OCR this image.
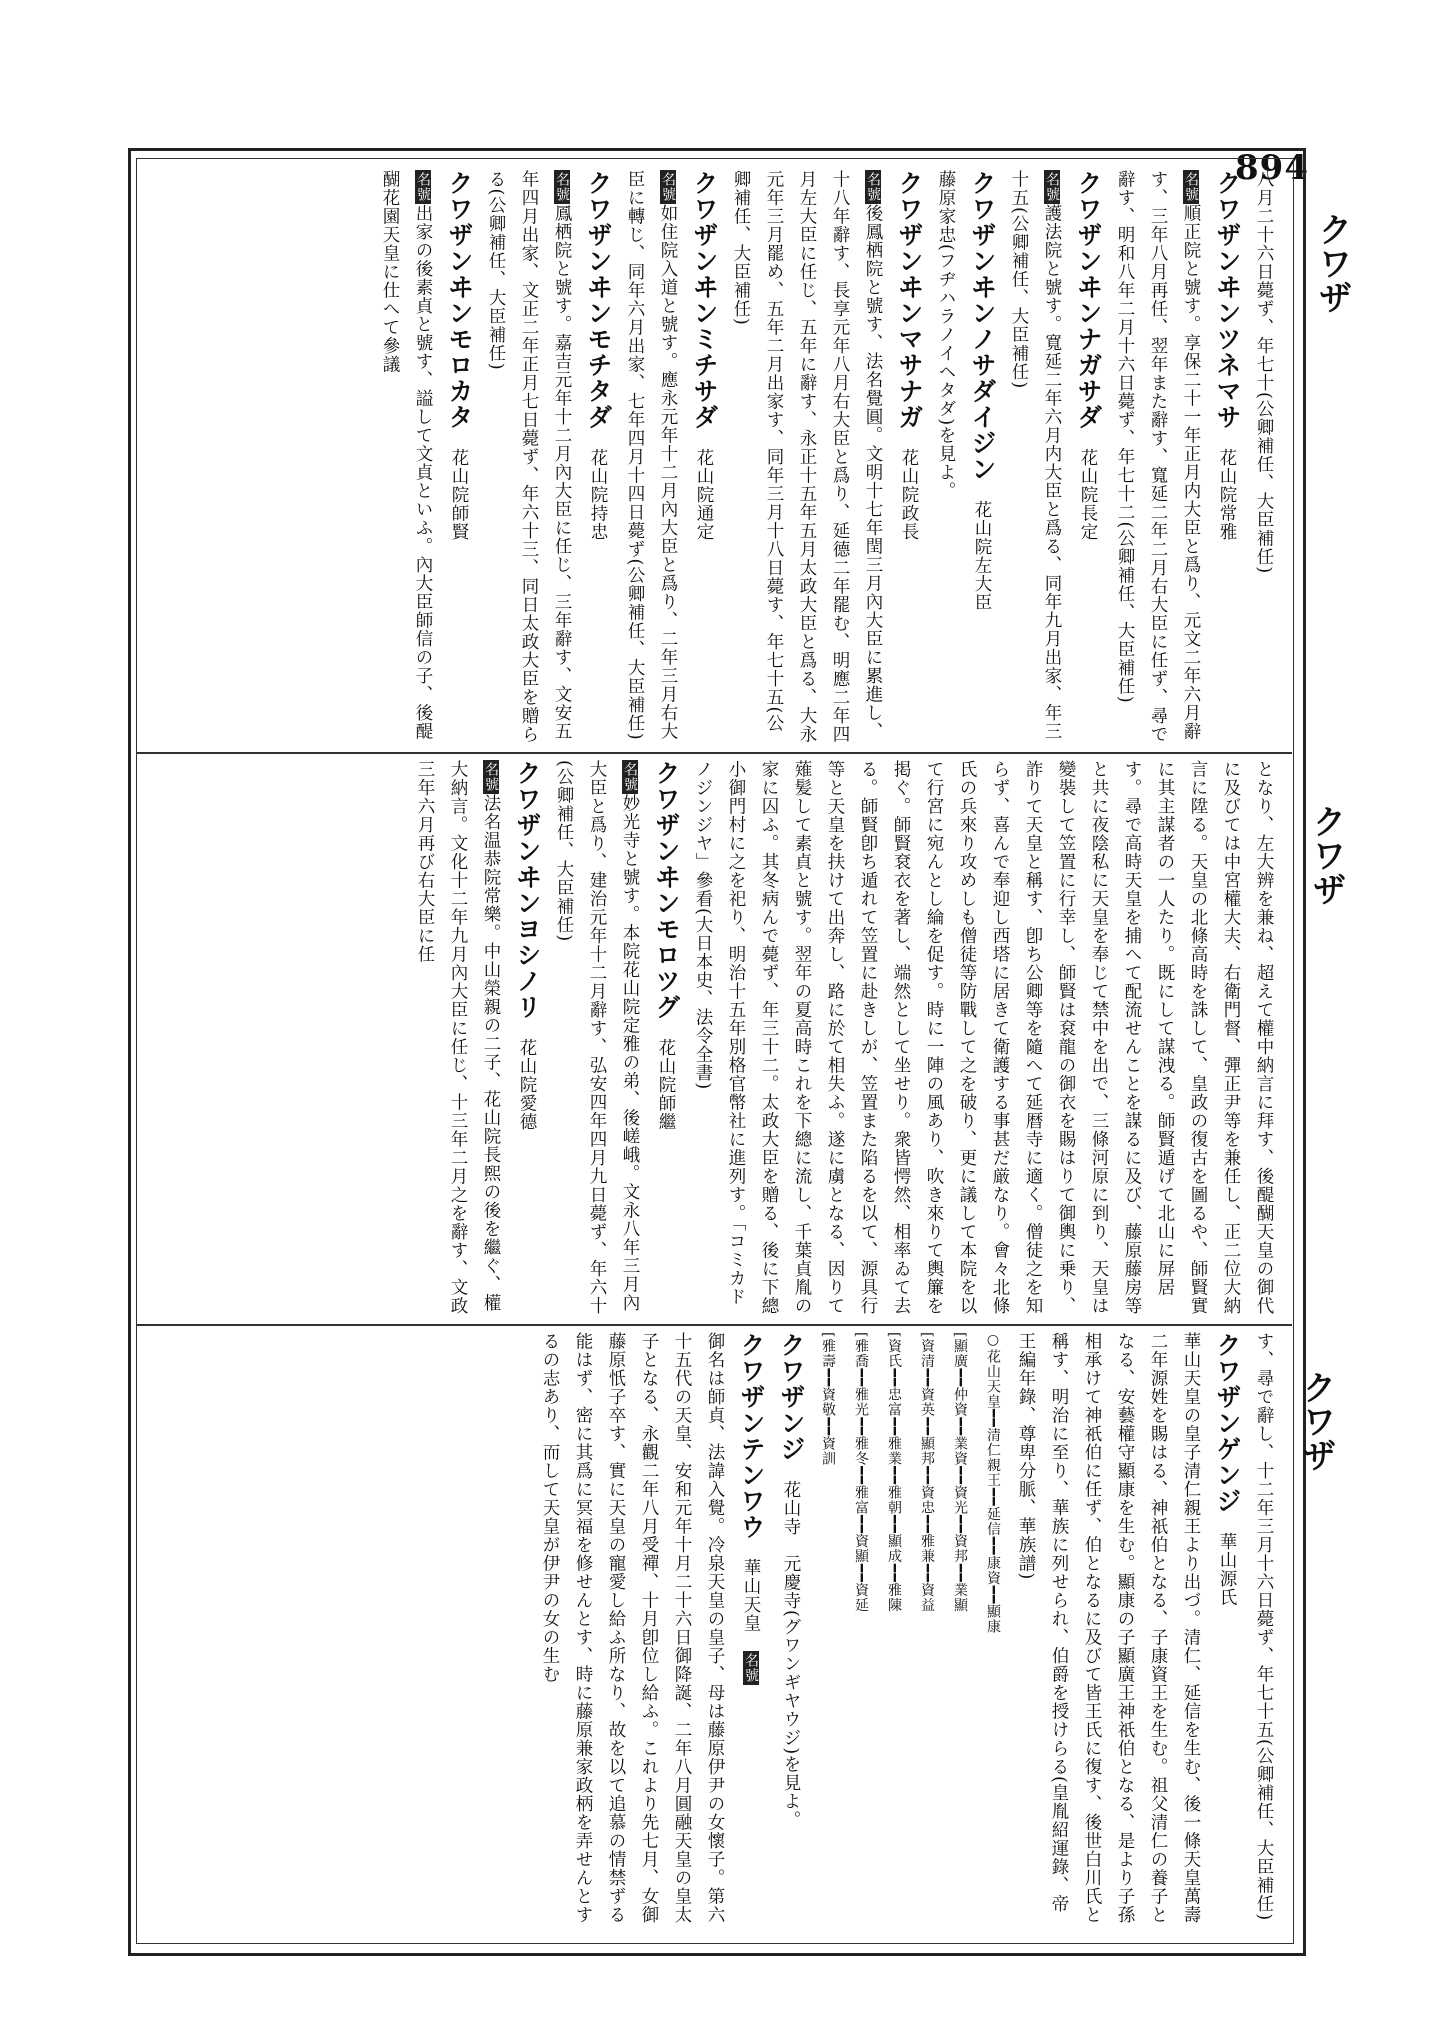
894
クワザ
クワザ
クワザ

八月二十六日薨ず、年七十(公卿補任、大臣補任)

クワザンヰンツネマサ　花山院常雅
名號順正院と號す。享保二十一年正月内大臣と爲り、元文二年六月辭す、三年八月再任、翌年また辭す、寬延二年二月右大臣に任ず、尋で辭す、明和八年二月十六日薨ず、年七十二(公卿補任、大臣補任)

クワザンヰンナガサダ　花山院長定
名號護法院と號す。寬延二年六月内大臣と爲る、同年九月出家、年三十五(公卿補任、大臣補任)

クワザンヰンノサダイジン　花山院左大臣
藤原家忠(フヂハラノイヘタダ)を見よ。

クワザンヰンマサナガ　花山院政長
名號後鳳栖院と號す、法名覺圓。文明十七年閏三月內大臣に累進し、十八年辭す、長享元年八月右大臣と爲り、延德二年罷む、明應二年四月左大臣に任じ、五年に辭す、永正十五年五月太政大臣と爲る、大永元年三月罷め、五年二月出家す、同年三月十八日薨す、年七十五(公卿補任、大臣補任)

クワザンヰンミチサダ　花山院通定
名號如住院入道と號す。應永元年十二月內大臣と爲り、二年三月右大臣に轉じ、同年六月出家、七年四月十四日薨ず(公卿補任、大臣補任)

クワザンヰンモチタダ　花山院持忠
名號鳳栖院と號す。嘉吉元年十二月內大臣に任じ、三年辭す、文安五年四月出家、文正二年正月七日薨ず、年六十三、同日太政大臣を贈らる(公卿補任、大臣補任)

クワザンヰンモロカタ　花山院師賢
名號出家の後素貞と號す、謚して文貞といふ。內大臣師信の子、後醍醐花園天皇に仕へて參議

となり、左大辨を兼ね、超えて權中納言に拜す、後醍醐天皇の御代に及びては中宮權大夫、右衛門督、彈正尹等を兼任し、正二位大納言に陞る。天皇の北條高時を誅して、皇政の復古を圖るや、師賢實に其主謀者の一人たり。既にして謀洩る。師賢遁げて北山に屏居す。尋で高時天皇を捕へて配流せんことを謀るに及び、藤原藤房等と共に夜陰私に天皇を奉じて禁中を出で、三條河原に到り、天皇は變裝して笠置に行幸し、師賢は袞龍の御衣を賜はりて御輿に乗り、詐りて天皇と稱す、卽ち公卿等を隨へて延暦寺に適く。僧徒之を知らず、喜んで奉迎し西塔に居きて衛護する事甚だ厳なり。會々北條氏の兵來り攻めしも僧徒等防戰して之を破り、更に議して本院を以て行宮に宛んとし綸を促す。時に一陣の風あり、吹き來りて輿簾を掲ぐ。師賢袞衣を著し、端然として坐せり。衆皆愕然、相率ゐて去る。師賢卽ち遁れて笠置に赴きしが、笠置また陷るを以て、源具行等と天皇を扶けて出奔し、路に於て相失ふ。遂に虜となる、因りて薙髪して素貞と號す。翌年の夏高時これを下總に流し、千葉貞胤の家に囚ふ。其冬病んで薨ず、年三十二。太政大臣を贈る、後に下總小御門村に之を祀り、明治十五年別格官幣社に進列す。「コミカドノジンジヤ」參看(大日本史、法令全書)

クワザンヰンモロツグ　花山院師繼
名號妙光寺と號す。本院花山院定雅の弟、後嵯峨。文永八年三月內大臣と爲り、建治元年十二月辭す、弘安四年四月九日薨ず、年六十(公卿補任、大臣補任)

クワザンヰンヨシノリ　花山院愛德
名號法名温恭院常樂。中山榮親の二子、花山院長熙の後を繼ぐ、權大納言。文化十二年九月內大臣に任じ、十三年二月之を辭す、文政三年六月再び右大臣に任

す、尋で辭し、十二年三月十六日薨ず、年七十五(公卿補任、大臣補任)

クワザンゲンジ　華山源氏
華山天皇の皇子清仁親王より出づ。清仁、延信を生む、後一條天皇萬壽二年源姓を賜はる、神祇伯となる、子康資王を生む。祖父清仁の養子となる、安藝權守顯康を生む。顯康の子顯廣王神祇伯となる、是より子孫相承けて神祇伯に任ず、伯となるに及びて皆王氏に復す、後世白川氏と稱す、明治に至り、華族に列せられ、伯爵を授けらる(皇胤紹運錄、帝王編年錄、尊卑分脈、華族譜)

○花山天皇━━清仁親王━━延信━━康資━━顯康

[顯廣━━仲資━━業資━━資光━━資邦━━業顯

[資清━━資英━━顯邦━━資忠━━雅兼━━資益

[資氏━━忠富━━雅業━━雅朝━━顯成━━雅陳

[雅喬━━雅光━━雅冬━━雅富━━資顯━━資延

[雅壽━━資敬━━資訓

クワザンジ　花山寺　元慶寺(グワンギヤウジ)を見よ。

クワザンテンワウ　華山天皇　名號
御名は師貞、法諱入覺。冷泉天皇の皇子、母は藤原伊尹の女懷子。第六十五代の天皇、安和元年十月二十六日御降誕、二年八月圓融天皇の皇太子となる、永觀二年八月受禪、十月卽位し給ふ。これより先七月、女御藤原忯子卒す、實に天皇の寵愛し給ふ所なり、故を以て追慕の情禁ずる能はず、密に其爲に冥福を修せんとす、時に藤原兼家政柄を弄せんとするの志あり、而して天皇が伊尹の女の生む
